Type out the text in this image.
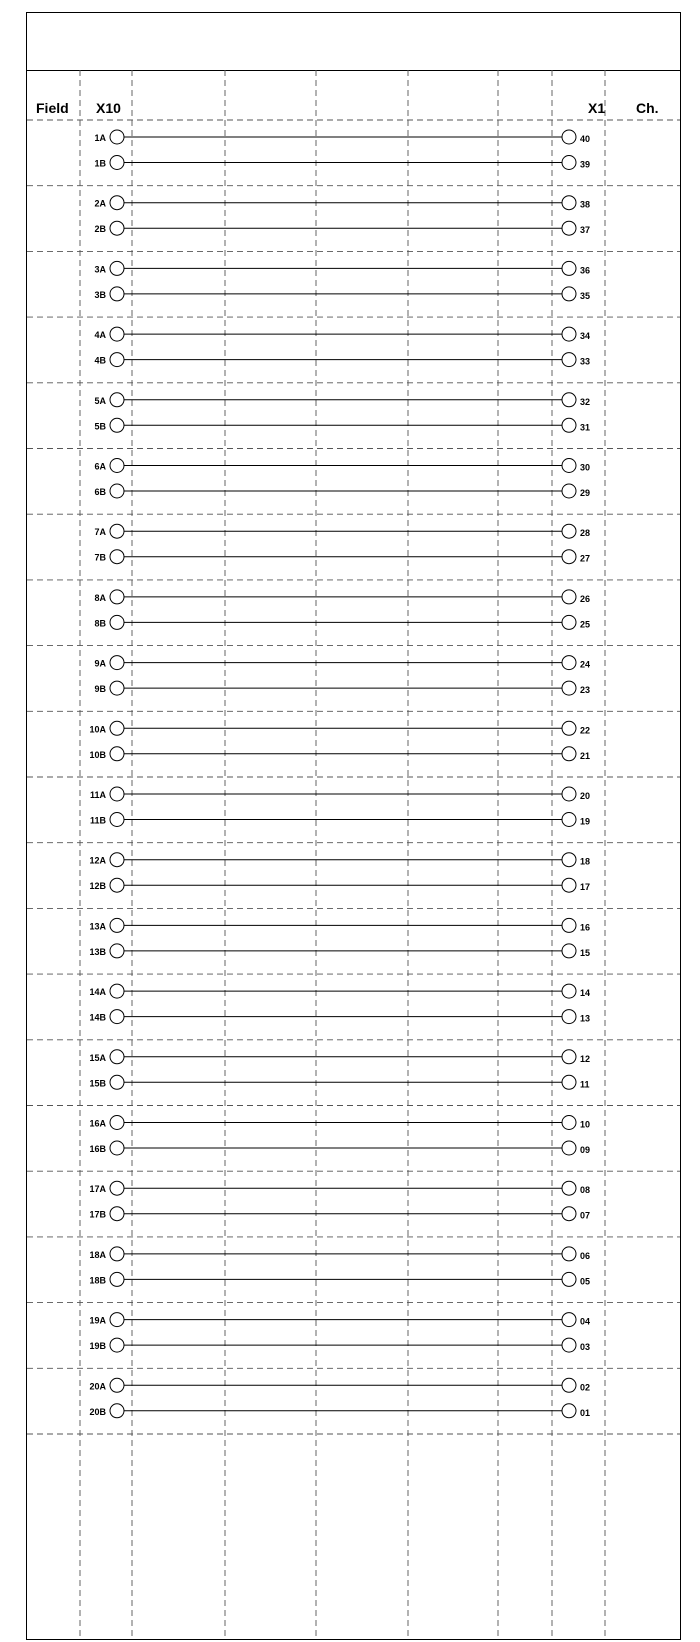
Field X10	X1 Ch.
1A	40
1B	39
2A	38
2B	37
3A	36
3B	35
4A	34
4B	33
5A	32
5B	31
6A	30
6B	29
7A	28
7B	27
8A	26
8B	25
9A	24
9B	23
10A	22
10B	21
11A	20
11B	19
12A	18
12B	17
13A	16
13B	15
14A	14
14B	13
15A	12
15B	11
16A	10
16B	09
17A	08
17B	07
18A	06
18B	05
19A	04
19B	03
20A	02
20B	01
